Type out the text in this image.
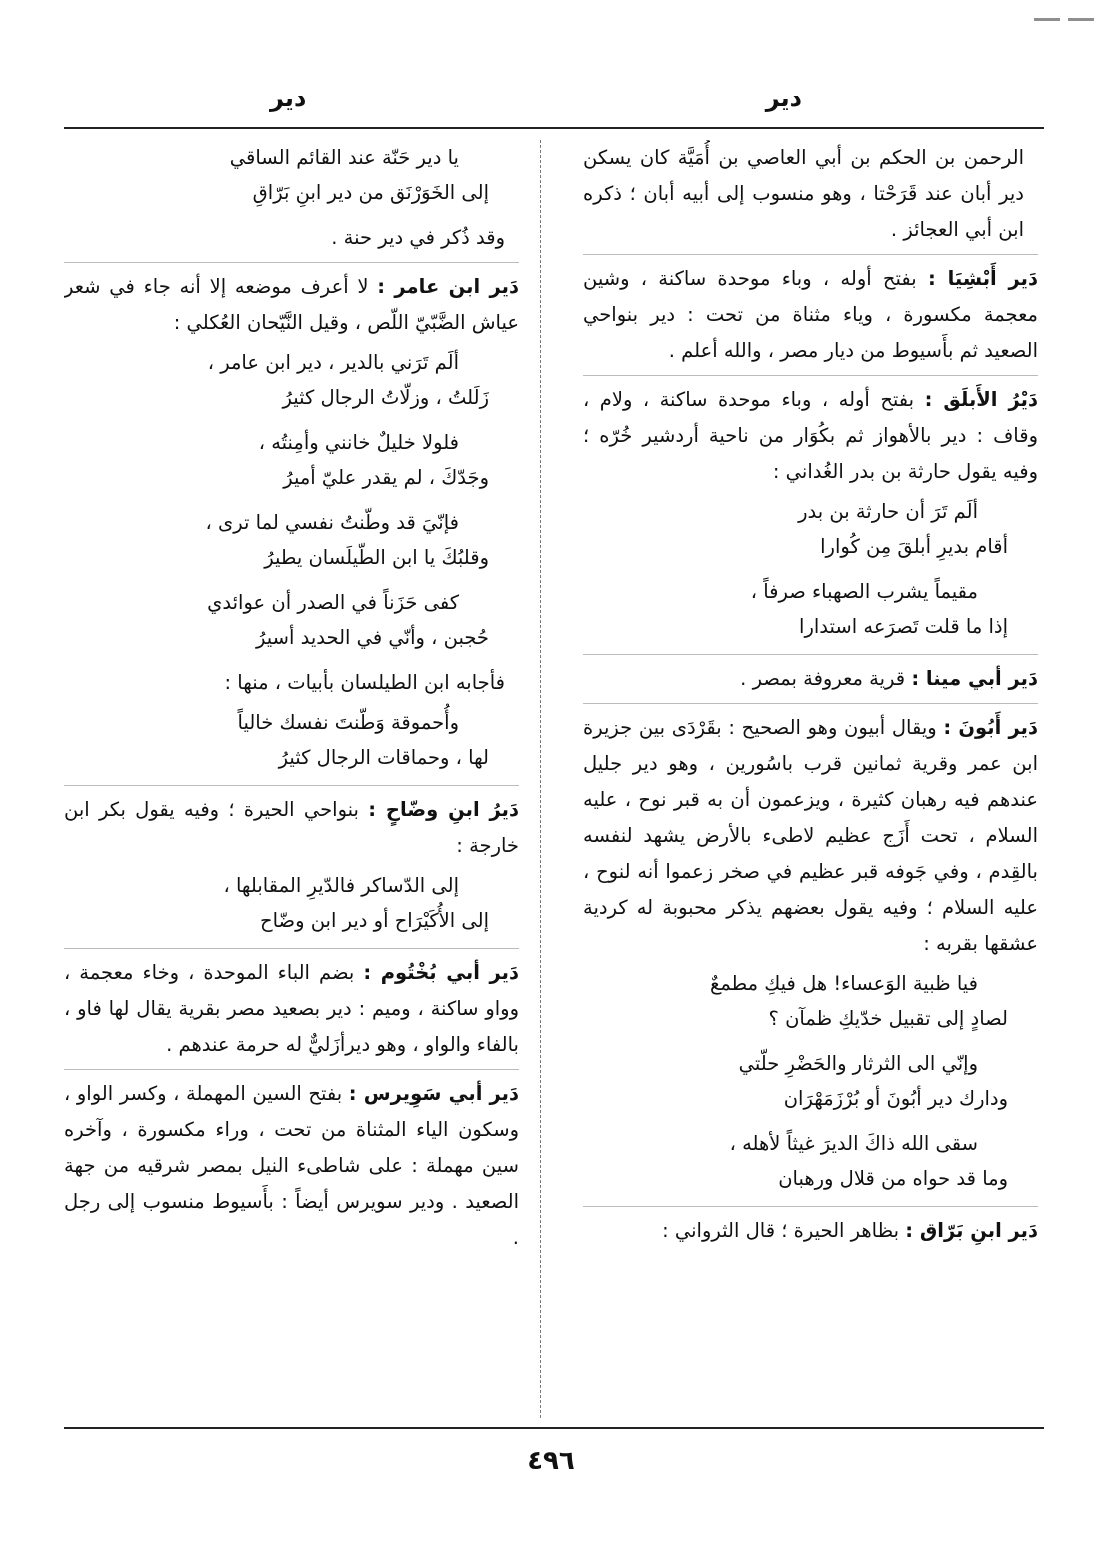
دير
دير
الرحمن بن الحكم بن أبي العاصي بن أُمَيَّة كان يسكن دير أبان عند قَرَحْتا ، وهو منسوب إلى أبيه أبان ؛ ذكره ابن أبي العجائز .
دَير أَبْشِيَا : بفتح أوله ، وباء موحدة ساكنة ، وشين معجمة مكسورة ، وياء مثناة من تحت : دير بنواحي الصعيد ثم بأَسيوط من ديار مصر ، والله أعلم .
دَيْرُ الأَبلَق : بفتح أوله ، وباء موحدة ساكنة ، ولام ، وقاف : دير بالأهواز ثم بكُوَار من ناحية أردشير خُرّه ؛ وفيه يقول حارثة بن بدر الغُداني :
ألَم تَرَ أن حارثة بن بدر
أقام بديرِ أبلقَ مِن كُوارا
مقيماً يشرب الصهباء صرفاً ،
إذا ما قلت تَصرَعه استدارا
دَير أبي مينا : قرية معروفة بمصر .
دَير أَبُونَ : ويقال أبيون وهو الصحيح : بقَرْدَى بين جزيرة ابن عمر وقرية ثمانين قرب باسُورين ، وهو دير جليل عندهم فيه رهبان كثيرة ، ويزعمون أن به قبر نوح ، عليه السلام ، تحت أَزَج عظيم لاطىء بالأرض يشهد لنفسه بالقِدم ، وفي جَوفه قبر عظيم في صخر زعموا أنه لنوح ، عليه السلام ؛ وفيه يقول بعضهم يذكر محبوبة له كردية عشقها بقربه :
فيا ظبية الوَعساء! هل فيكِ مطمعٌ
لصادٍ إلى تقبيل خدّيكِ ظمآن ؟
وإنّي الى الثرثار والحَضْرِ حلّتي
ودارك دير أبُونَ أو بُرْزَمَهْرَان
سقى الله ذاكَ الديرَ غيثاً لأهله ،
وما قد حواه من قلال ورهبان
دَير ابنِ بَرّاق : بظاهر الحيرة ؛ قال الثرواني :
يا دير حَنّة عند القائم الساقي
إلى الخَوَرْنَق من دير ابنِ بَرّاقِ
وقد ذُكر في دير حنة .
دَير ابن عامر : لا أعرف موضعه إلا أنه جاء في شعر عياش الضَّبّيّ اللّص ، وقيل النَّيّحان العُكلي :
ألَم تَرَني بالدير ، دير ابن عامر ،
زَلَلتُ ، وزلّاتُ الرجال كثيرُ
فلولا خليلٌ خانني وأمِنتُه ،
وجَدّكَ ، لم يقدر عليّ أميرُ
فإنّيَ قد وطّنتُ نفسي لما ترى ،
وقلبُكَ يا ابن الطّيلَسان يطيرُ
كفى حَزَناً في الصدر أن عوائدي
حُجبن ، وأنّي في الحديد أسيرُ
فأجابه ابن الطيلسان بأبيات ، منها :
وأُحموقة وَطّنتَ نفسك خالياً
لها ، وحماقات الرجال كثيرُ
دَيرُ ابنِ وضّاحٍ : بنواحي الحيرة ؛ وفيه يقول بكر ابن خارجة :
إلى الدّساكر فالدّيرِ المقابلها ،
إلى الأُكَيْرَاح أو دير ابن وضّاح
دَير أبي بُخْتُوم : بضم الباء الموحدة ، وخاء معجمة ، وواو ساكنة ، وميم : دير بصعيد مصر بقرية يقال لها فاو ، بالفاء والواو ، وهو ديرأزَليٌّ له حرمة عندهم .
دَير أبي سَوِيرس : بفتح السين المهملة ، وكسر الواو ، وسكون الياء المثناة من تحت ، وراء مكسورة ، وآخره سين مهملة : على شاطىء النيل بمصر شرقيه من جهة الصعيد . ودير سويرس أيضاً : بأَسيوط منسوب إلى رجل .
٤٩٦
